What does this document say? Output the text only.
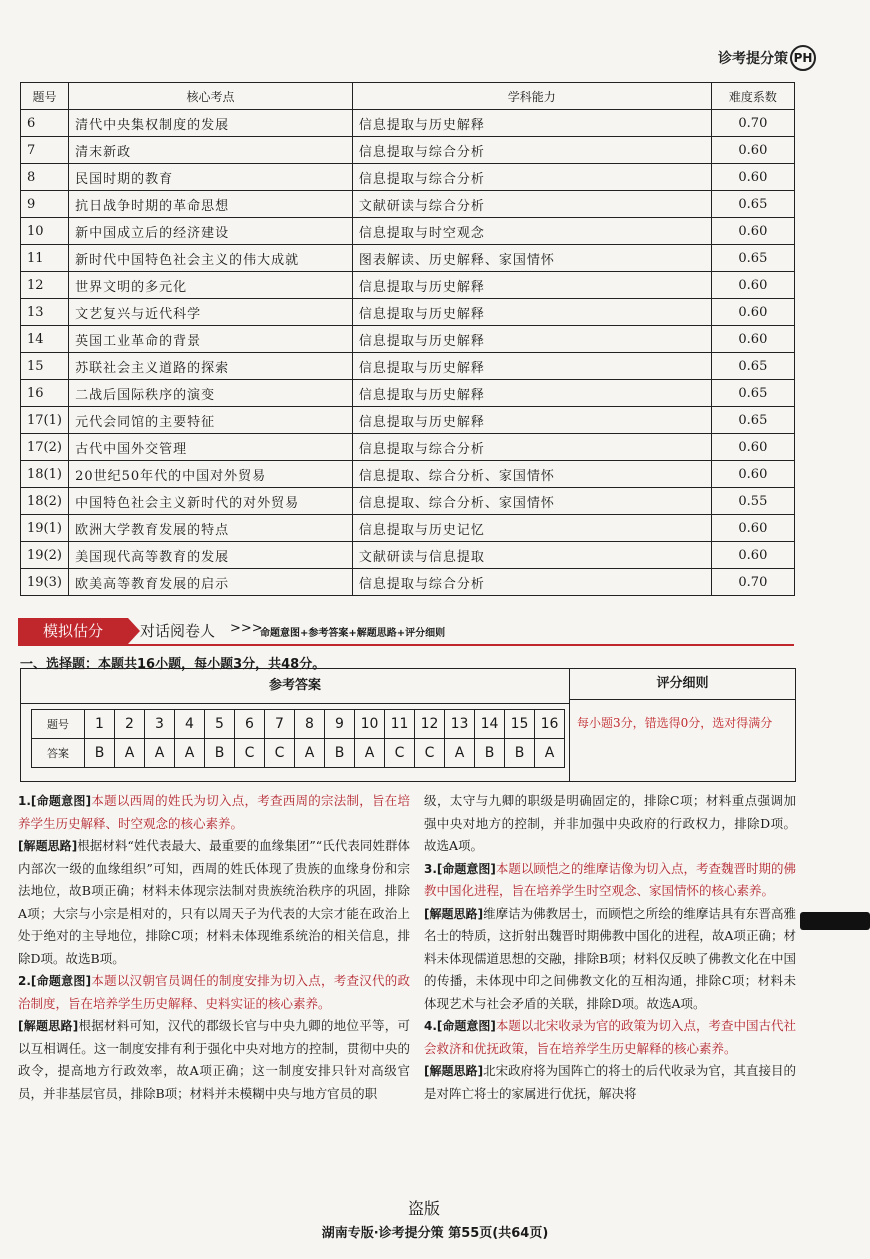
诊考提分策 PH
题号	核心考点	学科能力	难度系数
6	清代中央集权制度的发展	信息提取与历史解释	0.70
7	清末新政	信息提取与综合分析	0.60
8	民国时期的教育	信息提取与综合分析	0.60
9	抗日战争时期的革命思想	文献研读与综合分析	0.65
10	新中国成立后的经济建设	信息提取与时空观念	0.60
11	新时代中国特色社会主义的伟大成就	图表解读、历史解释、家国情怀	0.65
12	世界文明的多元化	信息提取与历史解释	0.60
13	文艺复兴与近代科学	信息提取与历史解释	0.60
14	英国工业革命的背景	信息提取与历史解释	0.60
15	苏联社会主义道路的探索	信息提取与历史解释	0.65
16	二战后国际秩序的演变	信息提取与历史解释	0.65
17(1)	元代会同馆的主要特征	信息提取与历史解释	0.65
17(2)	古代中国外交管理	信息提取与综合分析	0.60
18(1)	20世纪50年代的中国对外贸易	信息提取、综合分析、家国情怀	0.60
18(2)	中国特色社会主义新时代的对外贸易	信息提取、综合分析、家国情怀	0.55
19(1)	欧洲大学教育发展的特点	信息提取与历史记忆	0.60
19(2)	美国现代高等教育的发展	文献研读与信息提取	0.60
19(3)	欧美高等教育发展的启示	信息提取与综合分析	0.70
模拟估分	对话阅卷人 >>>
命题意图+参考答案+解题思路+评分细则
一、选择题：本题共16小题，每小题3分，共48分。
参考答案	评分细则
每小题3分，错选得0分，选对得满分
题号	1	2	3	4	5	6	7	8	9	10	11	12	13	14	15	16
答案	B	A	A	A	B	C	C	A	B	A	C	C	A	B	B	A

1.[命题意图]本题以西周的姓氏为切入点，考查西周的宗法制，旨在培养学生历史解释、时空观念的核心素养。

[解题思路]根据材料“姓代表最大、最重要的血缘集团”“氏代表同姓群体内部次一级的血缘组织”可知，西周的姓氏体现了贵族的血缘身份和宗法地位，故B项正确；材料未体现宗法制对贵族统治秩序的巩固，排除A项；大宗与小宗是相对的，只有以周天子为代表的大宗才能在政治上处于绝对的主导地位，排除C项；材料未体现维系统治的相关信息，排除D项。故选B项。

2.[命题意图]本题以汉朝官员调任的制度安排为切入点，考查汉代的政治制度，旨在培养学生历史解释、史料实证的核心素养。

[解题思路]根据材料可知，汉代的郡级长官与中央九卿的地位平等，可以互相调任。这一制度安排有利于强化中央对地方的控制，贯彻中央的政令，提高地方行政效率，故A项正确；这一制度安排只针对高级官员，并非基层官员，排除B项；材料并未模糊中央与地方官员的职

级，太守与九卿的职级是明确固定的，排除C项；材料重点强调加强中央对地方的控制，并非加强中央政府的行政权力，排除D项。故选A项。

3.[命题意图]本题以顾恺之的维摩诘像为切入点，考查魏晋时期的佛教中国化进程，旨在培养学生时空观念、家国情怀的核心素养。

[解题思路]维摩诘为佛教居士，而顾恺之所绘的维摩诘具有东晋高雅名士的特质，这折射出魏晋时期佛教中国化的进程，故A项正确；材料未体现儒道思想的交融，排除B项；材料仅反映了佛教文化在中国的传播，未体现中印之间佛教文化的互相沟通，排除C项；材料未体现艺术与社会矛盾的关联，排除D项。故选A项。

4.[命题意图]本题以北宋收录为官的政策为切入点，考查中国古代社会救济和优抚政策，旨在培养学生历史解释的核心素养。

[解题思路]北宋政府将为国阵亡的将士的后代收录为官，其直接目的是对阵亡将士的家属进行优抚，解决将

盗版
湖南专版·诊考提分策 第55页(共64页)
